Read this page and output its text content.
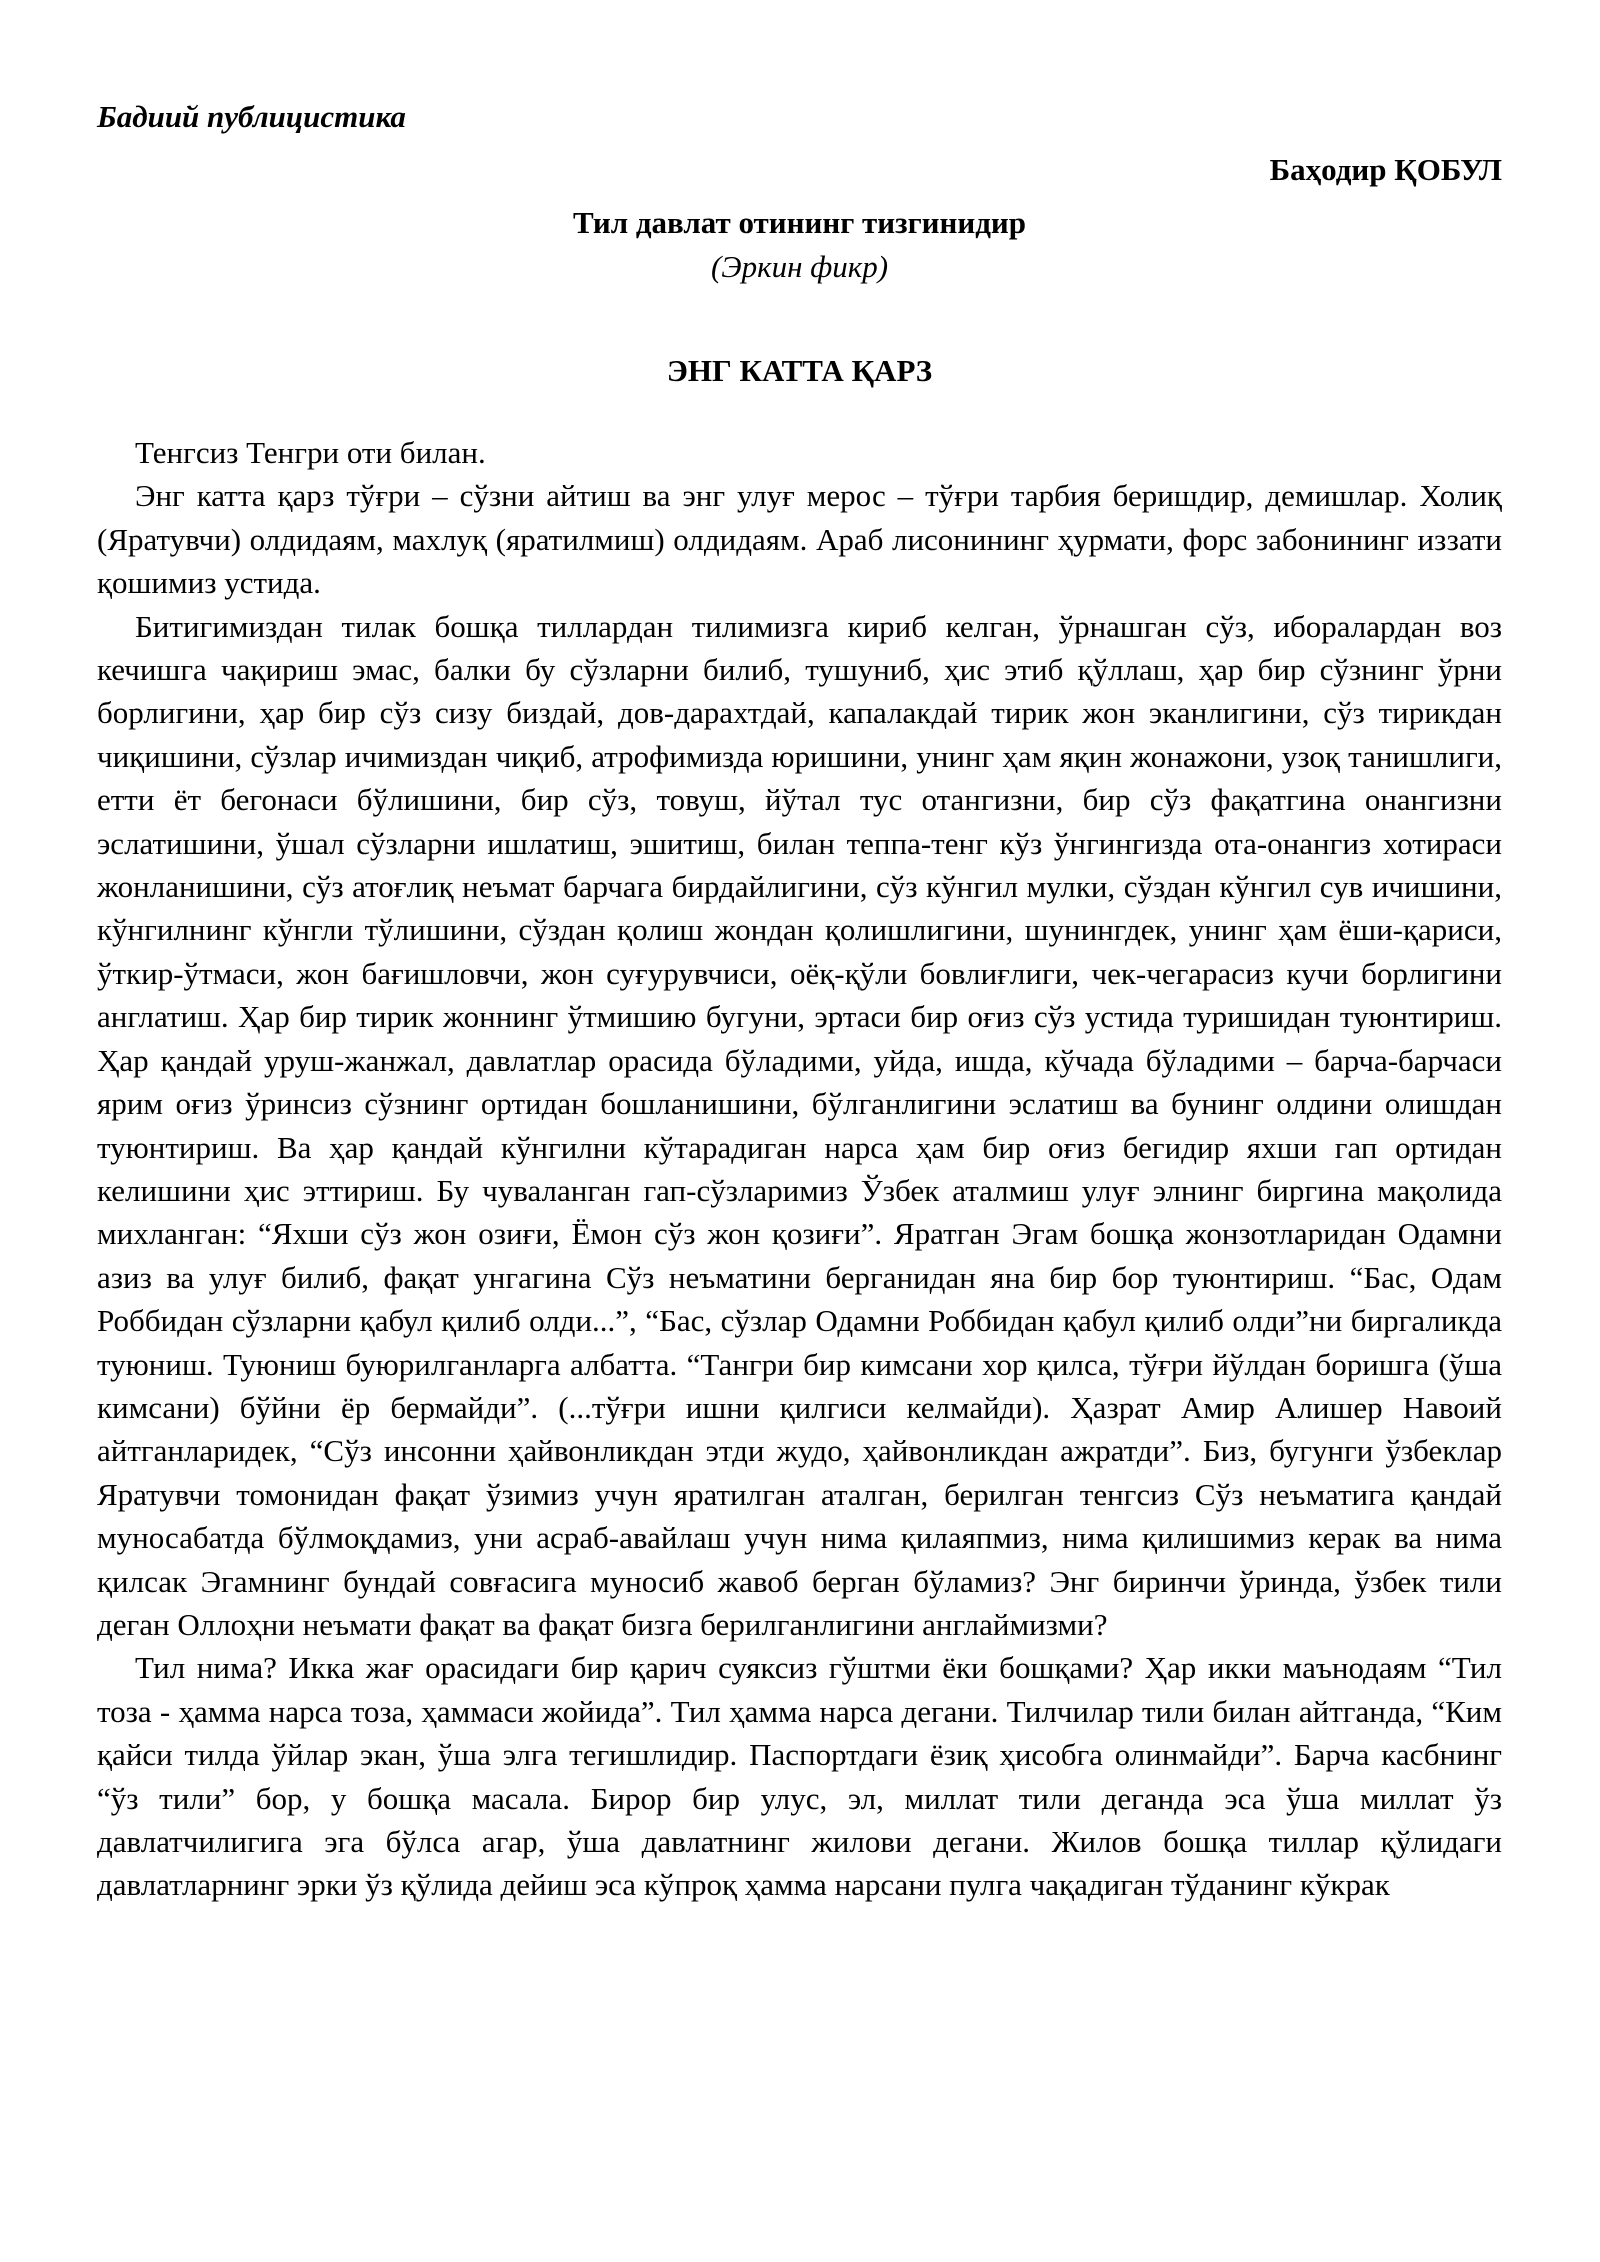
Бадиий публицистика

Баҳодир ҚОБУЛ

Тил давлат отининг тизгинидир

(Эркин фикр)

ЭНГ КАТТА ҚАРЗ

Тенгсиз Тенгри оти билан.

Энг катта қарз тўғри – сўзни айтиш ва энг улуғ мерос – тўғри тарбия беришдир, демишлар. Холиқ (Яратувчи) олдидаям, махлуқ (яратилмиш) олдидаям. Араб лисонининг ҳурмати, форс забонининг иззати қошимиз устида.

Битигимиздан тилак бошқа тиллардан тилимизга кириб келган, ўрнашган сўз, иборалардан воз кечишга чақириш эмас, балки бу сўзларни билиб, тушуниб, ҳис этиб қўллаш, ҳар бир сўзнинг ўрни борлигини, ҳар бир сўз сизу биздай, дов-дарахтдай, капалакдай тирик жон эканлигини, сўз тирикдан чиқишини, сўзлар ичимиздан чиқиб, атрофимизда юришини, унинг ҳам яқин жонажони, узоқ танишлиги, етти ёт бегонаси бўлишини, бир сўз, товуш, йўтал тус отангизни, бир сўз фақатгина онангизни эслатишини, ўшал сўзларни ишлатиш, эшитиш, билан теппа-тенг кўз ўнгингизда ота-онангиз хотираси жонланишини, сўз атоғлиқ неъмат барчага бирдайлигини, сўз кўнгил мулки, сўздан кўнгил сув ичишини, кўнгилнинг кўнгли тўлишини, сўздан қолиш жондан қолишлигини, шунингдек, унинг ҳам ёши-қариси, ўткир-ўтмаси, жон бағишловчи, жон суғурувчиси, оёқ-қўли бовлиғлиги, чек-чегарасиз кучи борлигини англатиш. Ҳар бир тирик жоннинг ўтмишию бугуни, эртаси бир оғиз сўз устида туришидан туюнтириш. Ҳар қандай уруш-жанжал, давлатлар орасида бўладими, уйда, ишда, кўчада бўладими – барча-барчаси ярим оғиз ўринсиз сўзнинг ортидан бошланишини, бўлганлигини эслатиш ва бунинг олдини олишдан туюнтириш. Ва ҳар қандай кўнгилни кўтарадиган нарса ҳам бир оғиз бегидир яхши гап ортидан келишини ҳис эттириш. Бу чуваланган гап-сўзларимиз Ўзбек аталмиш улуғ элнинг биргина мақолида михланган: “Яхши сўз жон озиғи, Ёмон сўз жон қозиғи”. Яратган Эгам бошқа жонзотларидан Одамни азиз ва улуғ билиб, фақат унгагина Сўз неъматини берганидан яна бир бор туюнтириш. “Бас, Одам Роббидан сўзларни қабул қилиб олди...”, “Бас, сўзлар Одамни Роббидан қабул қилиб олди”ни биргаликда туюниш. Туюниш буюрилганларга албатта. “Тангри бир кимсани хор қилса, тўғри йўлдан боришга (ўша кимсани) бўйни ёр бермайди”. (...тўғри ишни қилгиси келмайди). Ҳазрат Амир Алишер Навоий айтганларидек, “Сўз инсонни ҳайвонликдан этди жудо, ҳайвонликдан ажратди”. Биз, бугунги ўзбеклар Яратувчи томонидан фақат ўзимиз учун яратилган аталган, берилган тенгсиз Сўз неъматига қандай муносабатда бўлмоқдамиз, уни асраб-авайлаш учун нима қилаяпмиз, нима қилишимиз керак ва нима қилсак Эгамнинг бундай совғасига муносиб жавоб берган бўламиз? Энг биринчи ўринда, ўзбек тили деган Оллоҳни неъмати фақат ва фақат бизга берилганлигини англаймизми?

Тил нима? Икка жағ орасидаги бир қарич суяксиз гўштми ёки бошқами? Ҳар икки маънодаям “Тил тоза - ҳамма нарса тоза, ҳаммаси жойида”. Тил ҳамма нарса дегани. Тилчилар тили билан айтганда, “Ким қайси тилда ўйлар экан, ўша элга тегишлидир. Паспортдаги ёзиқ ҳисобга олинмайди”. Барча касбнинг “ўз тили” бор, у бошқа масала. Бирор бир улус, эл, миллат тили деганда эса ўша миллат ўз давлатчилигига эга бўлса агар, ўша давлатнинг жилови дегани. Жилов бошқа тиллар қўлидаги давлатларнинг эрки ўз қўлида дейиш эса кўпроқ ҳамма нарсани пулга чақадиган тўданинг кўкрак
